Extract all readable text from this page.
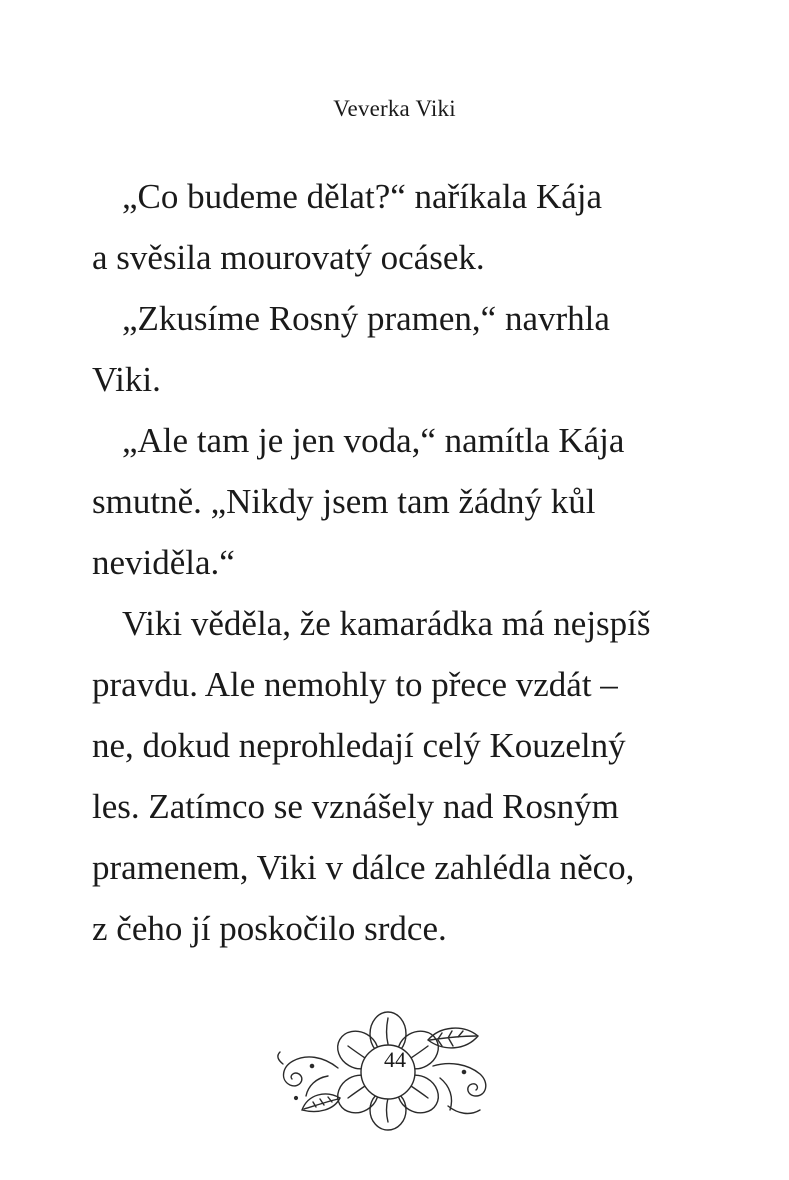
Veverka Viki
„Co budeme dělat?“ naříkala Kája
a svěsila mourovatý ocásek.
„Zkusíme Rosný pramen,“ navrhla
Viki.
„Ale tam je jen voda,“ namítla Kája
smutně. „Nikdy jsem tam žádný kůl
neviděla.“
Viki věděla, že kamarádka má nejspíš
pravdu. Ale nemohly to přece vzdát –
ne, dokud neprohledají celý Kouzelný
les. Zatímco se vznášely nad Rosným
pramenem, Viki v dálce zahlédla něco,
z čeho jí poskočilo srdce.
44
